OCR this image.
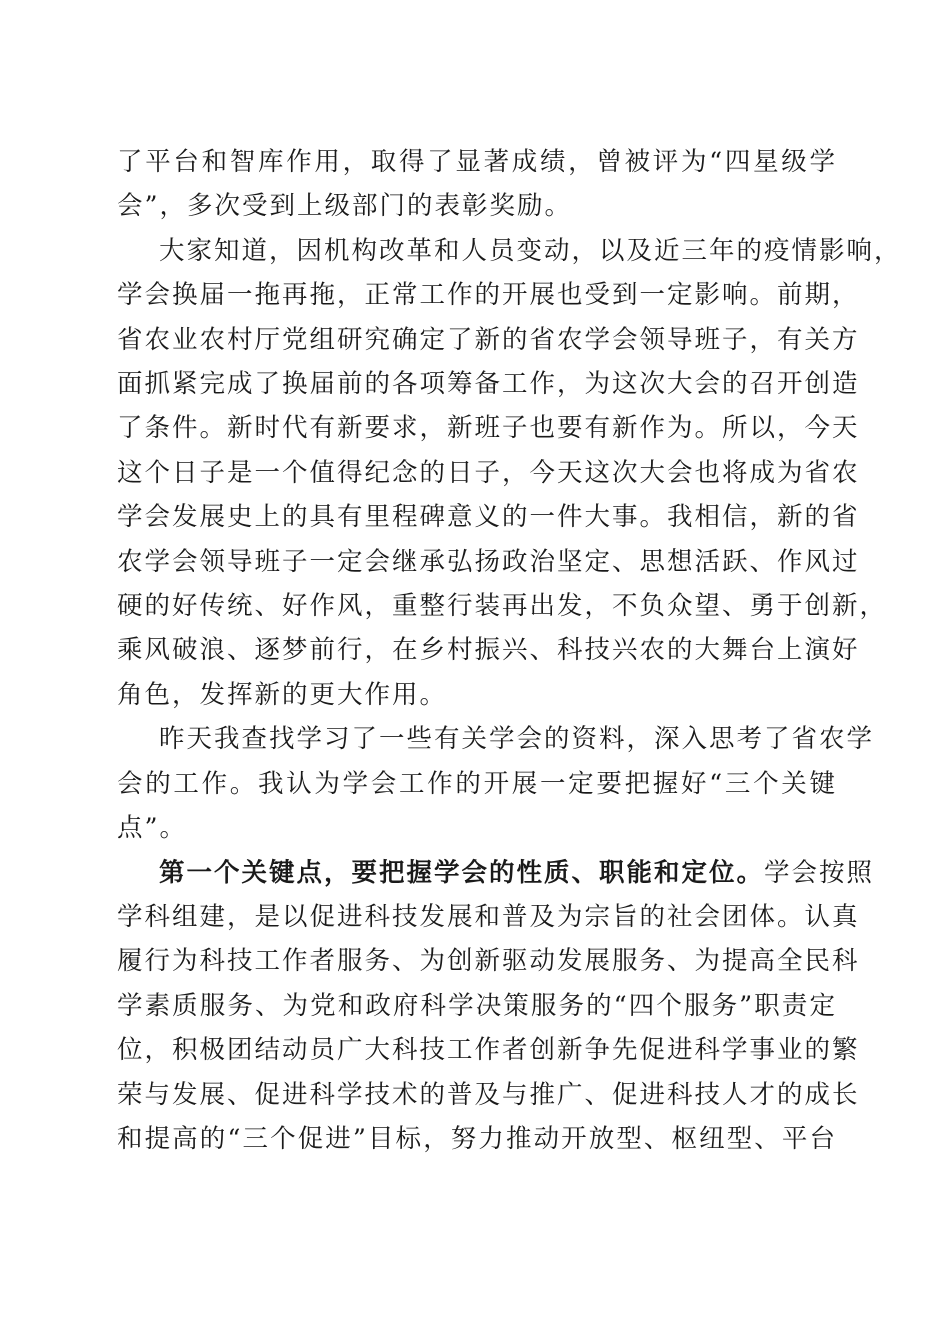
了平台和智库作用，取得了显著成绩，曾被评为“四星级学
会”，多次受到上级部门的表彰奖励。
大家知道，因机构改革和人员变动，以及近三年的疫情影响，
学会换届一拖再拖，正常工作的开展也受到一定影响。前期，
省农业农村厅党组研究确定了新的省农学会领导班子，有关方
面抓紧完成了换届前的各项筹备工作，为这次大会的召开创造
了条件。新时代有新要求，新班子也要有新作为。所以，今天
这个日子是一个值得纪念的日子，今天这次大会也将成为省农
学会发展史上的具有里程碑意义的一件大事。我相信，新的省
农学会领导班子一定会继承弘扬政治坚定、思想活跃、作风过
硬的好传统、好作风，重整行装再出发，不负众望、勇于创新，
乘风破浪、逐梦前行，在乡村振兴、科技兴农的大舞台上演好
角色，发挥新的更大作用。
昨天我查找学习了一些有关学会的资料，深入思考了省农学
会的工作。我认为学会工作的开展一定要把握好“三个关键
点”。
第一个关键点，要把握学会的性质、职能和定位。学会按照
学科组建，是以促进科技发展和普及为宗旨的社会团体。认真
履行为科技工作者服务、为创新驱动发展服务、为提高全民科
学素质服务、为党和政府科学决策服务的“四个服务”职责定
位，积极团结动员广大科技工作者创新争先促进科学事业的繁
荣与发展、促进科学技术的普及与推广、促进科技人才的成长
和提高的“三个促进”目标，努力推动开放型、枢纽型、平台
